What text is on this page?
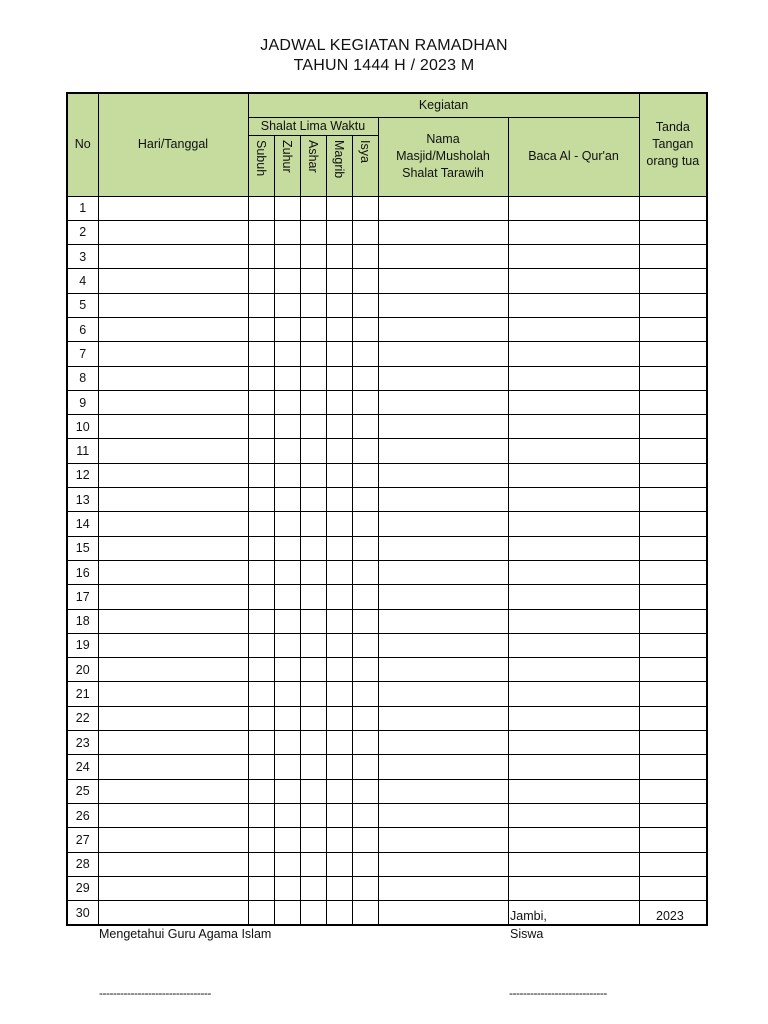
JADWAL KEGIATAN RAMADHAN
TAHUN 1444 H / 2023 M
No	Hari/Tanggal	Kegiatan							Tanda Tangan orang tua
		Shalat Lima Waktu					Nama Masjid/Musholah Shalat Tarawih	Baca Al - Qur'an	

		Subuh	Zuhur	Ashar	Magrib	Isya			

1									
2									
3									
4									
5									
6									
7									
8									
9									
10									
11									
12									
13									
14									
15									
16									
17									
18									
19									
20									
21									
22									
23									
24									
25									
26									
27									
28									
29									
30									
Mengetahui Guru Agama Islam
Jambi,	2023
Siswa
--------------------------------	----------------------------
